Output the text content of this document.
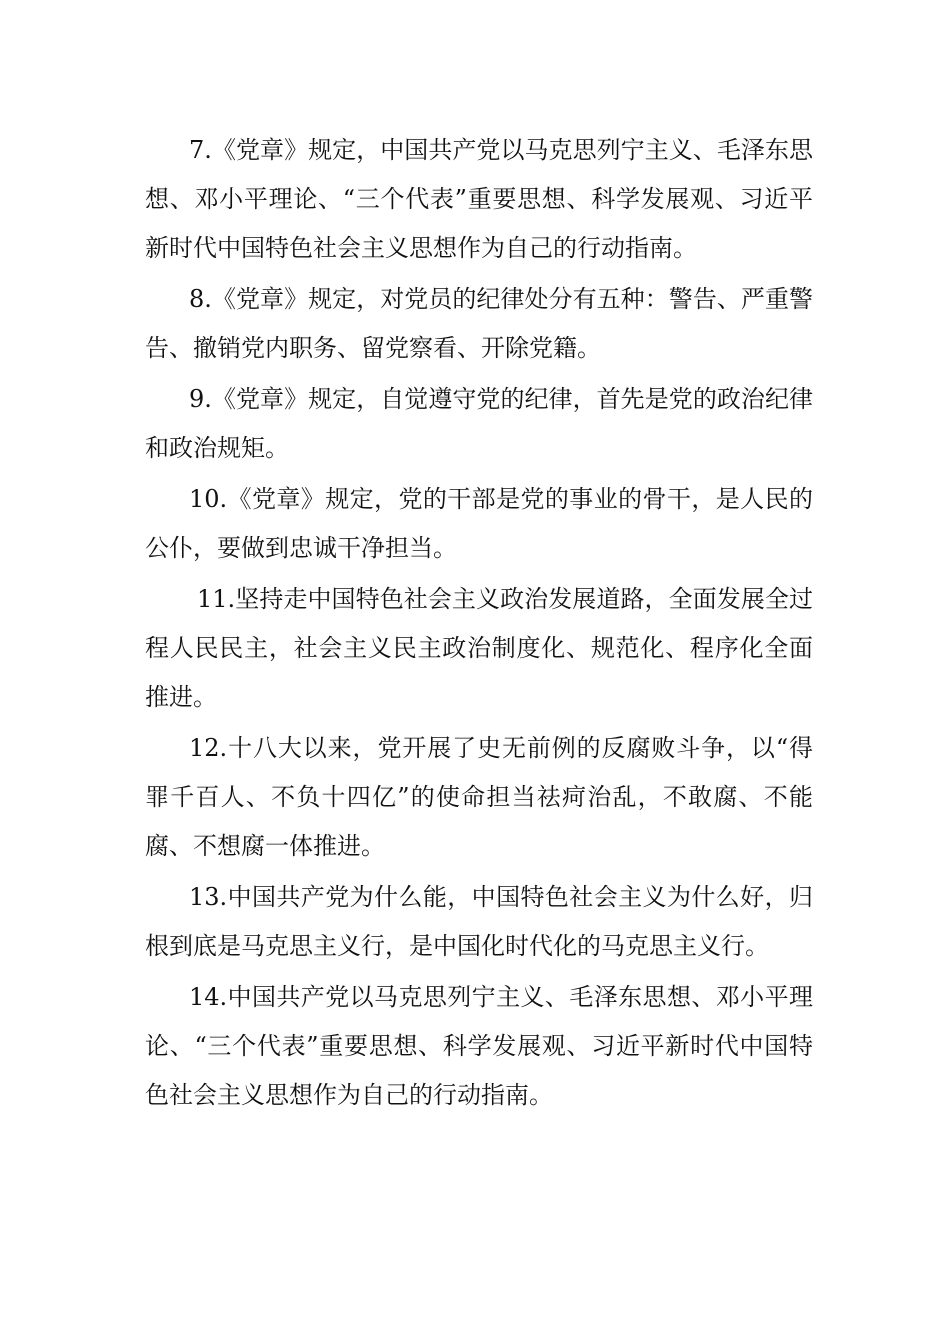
7.《党章》规定，中国共产党以马克思列宁主义、毛泽东思想、邓小平理论、“三个代表”重要思想、科学发展观、习近平新时代中国特色社会主义思想作为自己的行动指南。

8.《党章》规定，对党员的纪律处分有五种：警告、严重警告、撤销党内职务、留党察看、开除党籍。

9.《党章》规定，自觉遵守党的纪律，首先是党的政治纪律和政治规矩。

10.《党章》规定，党的干部是党的事业的骨干，是人民的公仆，要做到忠诚干净担当。

11.坚持走中国特色社会主义政治发展道路，全面发展全过程人民民主，社会主义民主政治制度化、规范化、程序化全面推进。

12.十八大以来，党开展了史无前例的反腐败斗争，以“得罪千百人、不负十四亿”的使命担当祛疴治乱，不敢腐、不能腐、不想腐一体推进。

13.中国共产党为什么能，中国特色社会主义为什么好，归根到底是马克思主义行，是中国化时代化的马克思主义行。

14.中国共产党以马克思列宁主义、毛泽东思想、邓小平理论、“三个代表”重要思想、科学发展观、习近平新时代中国特色社会主义思想作为自己的行动指南。
